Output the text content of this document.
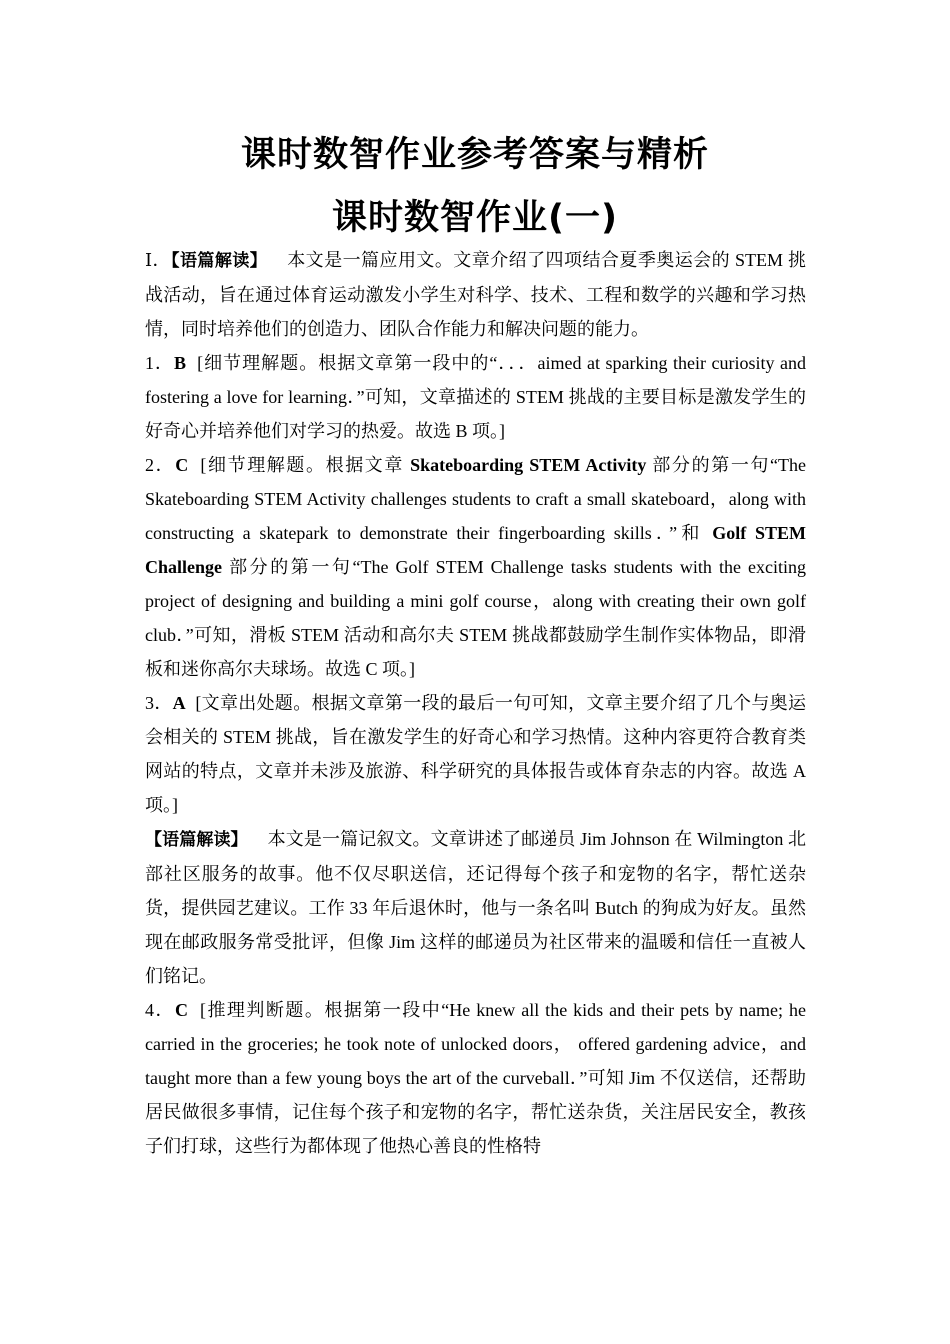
课时数智作业参考答案与精析
课时数智作业(一)

Ⅰ．【语篇解读】 本文是一篇应用文。文章介绍了四项结合夏季奥运会的 STEM 挑战活动，旨在通过体育运动激发小学生对科学、技术、工程和数学的兴趣和学习热情，同时培养他们的创造力、团队合作能力和解决问题的能力。

1．B [细节理解题。根据文章第一段中的“．．．aimed at sparking their curiosity and fostering a love for learning．”可知，文章描述的 STEM 挑战的主要目标是激发学生的好奇心并培养他们对学习的热爱。故选 B 项。]

2．C [细节理解题。根据文章 Skateboarding STEM Activity 部分的第一句“The Skateboarding STEM Activity challenges students to craft a small skateboard，along with constructing a skatepark to demonstrate their fingerboarding skills．”和 Golf STEM Challenge 部分的第一句“The Golf STEM Challenge tasks students with the exciting project of designing and building a mini golf course，along with creating their own golf club．”可知，滑板 STEM 活动和高尔夫 STEM 挑战都鼓励学生制作实体物品，即滑板和迷你高尔夫球场。故选 C 项。]

3．A [文章出处题。根据文章第一段的最后一句可知，文章主要介绍了几个与奥运会相关的 STEM 挑战，旨在激发学生的好奇心和学习热情。这种内容更符合教育类网站的特点，文章并未涉及旅游、科学研究的具体报告或体育杂志的内容。故选 A 项。]

【语篇解读】 本文是一篇记叙文。文章讲述了邮递员 Jim Johnson 在 Wilmington 北部社区服务的故事。他不仅尽职送信，还记得每个孩子和宠物的名字，帮忙送杂货，提供园艺建议。工作 33 年后退休时，他与一条名叫 Butch 的狗成为好友。虽然现在邮政服务常受批评，但像 Jim 这样的邮递员为社区带来的温暖和信任一直被人们铭记。

4．C [推理判断题。根据第一段中“He knew all the kids and their pets by name; he carried in the groceries; he took note of unlocked doors， offered gardening advice，and taught more than a few young boys the art of the curveball．”可知 Jim 不仅送信，还帮助居民做很多事情，记住每个孩子和宠物的名字，帮忙送杂货，关注居民安全，教孩子们打球，这些行为都体现了他热心善良的性格特
